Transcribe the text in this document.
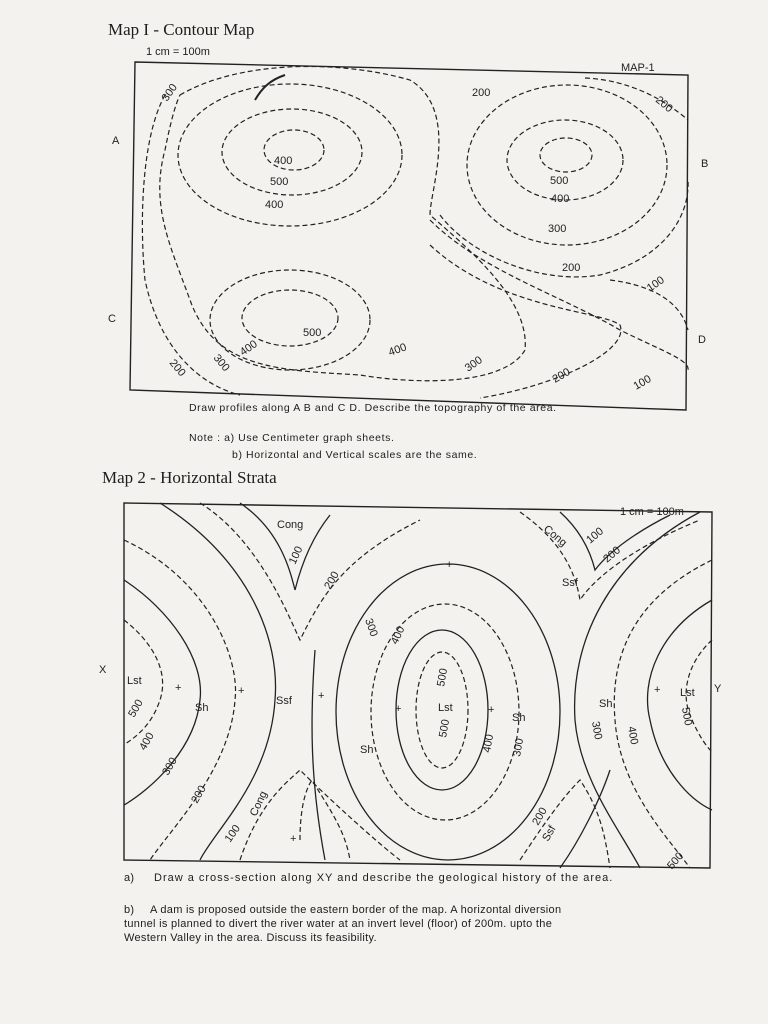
Map I - Contour Map
1 cm = 100m
A
B
C
D
MAP-1
300	200
200
400
500
400
500
400
300
200
100
500
400	400
200 300	300
200	100
Draw profiles along A B and C D. Describe the topography of the area.
Note : a) Use Centimeter graph sheets.
b) Horizontal and Vertical scales are the same.
Map 2 - Horizontal Strata
1 cm = 100m
X
Y
Cong
100
200
Cong 100
200
Ssf
300 400
500
Lst
500
400
Lst
500
400
300
200
100
Sh
Ssf
Sh
Sh
300
Cong	200
Ssf
Sh
300 400
Lst
500
500
+	+	+
+	+
+
+
+
a) Draw a cross-section along XY and describe the geological history of the area.
b) A dam is proposed outside the eastern border of the map. A horizontal diversion
tunnel is planned to divert the river water at an invert level (floor) of 200m. upto the
Western Valley in the area. Discuss its feasibility.
